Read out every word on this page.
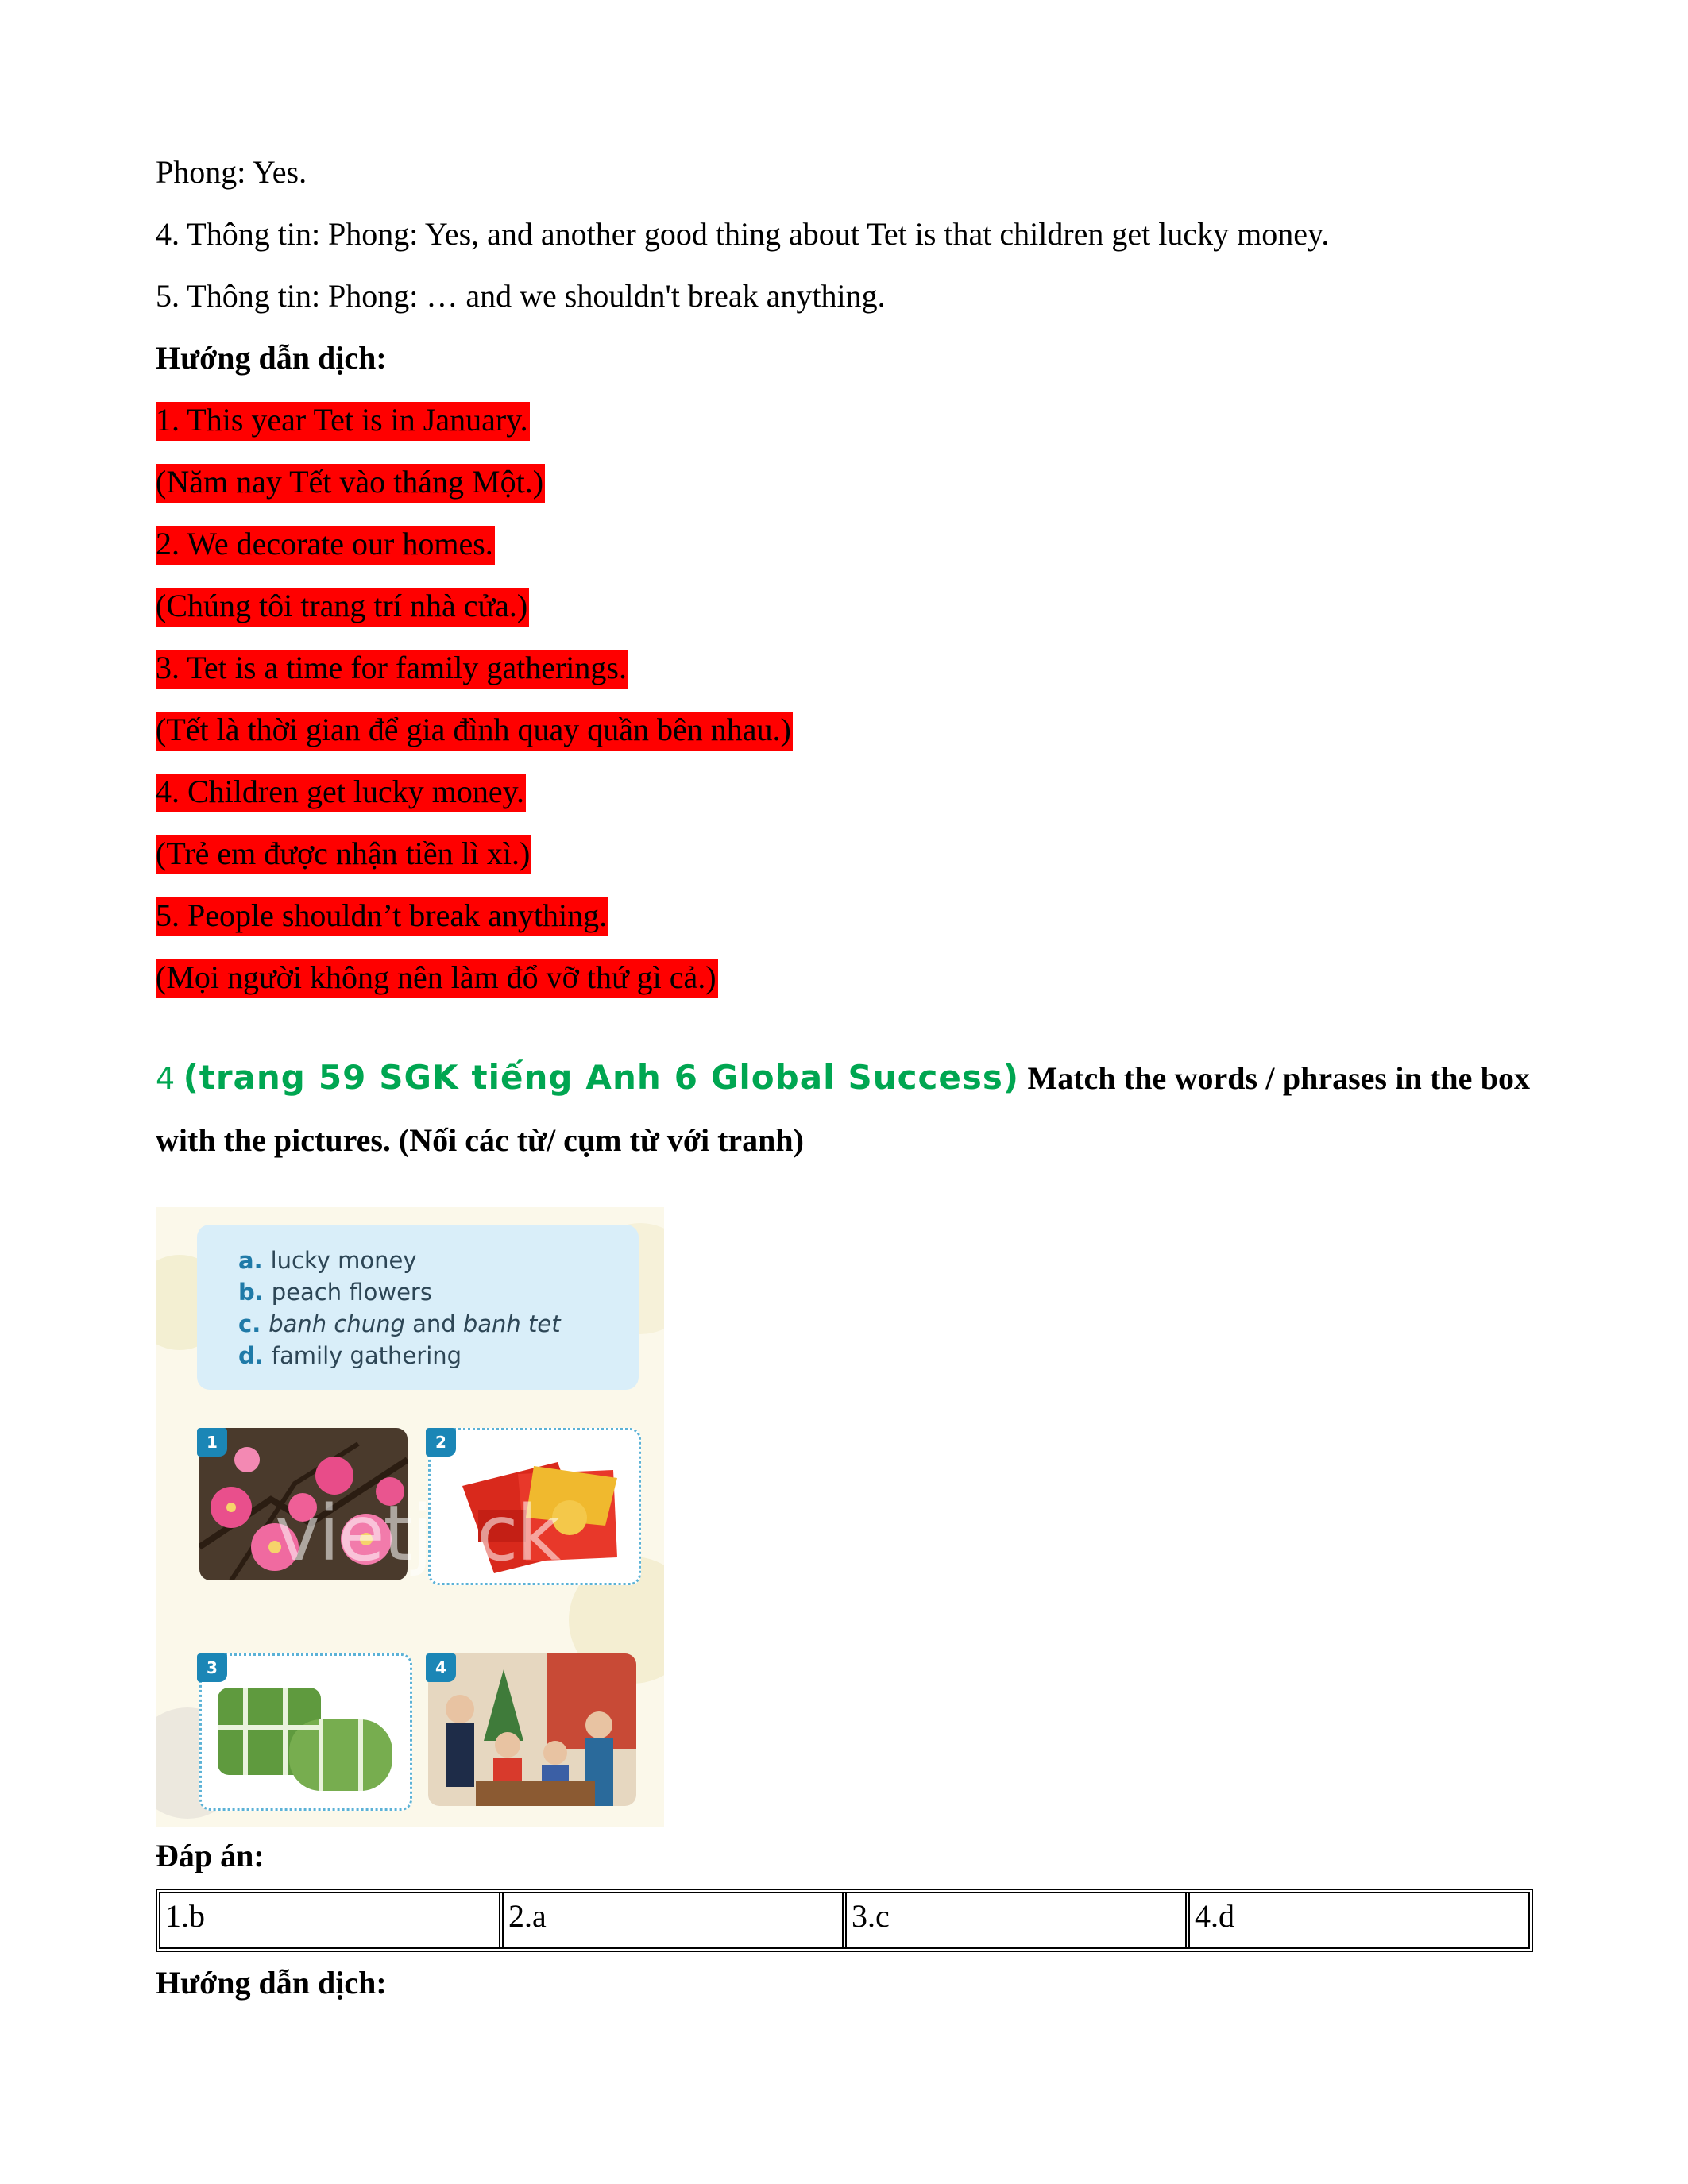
Phong: Yes.
4. Thông tin: Phong: Yes, and another good thing about Tet is that children get lucky money.
5. Thông tin: Phong: … and we shouldn't break anything.
Hướng dẫn dịch:
1. This year Tet is in January.
(Năm nay Tết vào tháng Một.)
2. We decorate our homes.
(Chúng tôi trang trí nhà cửa.)
3. Tet is a time for family gatherings.
(Tết là thời gian để gia đình quay quần bên nhau.)
4. Children get lucky money.
(Trẻ em được nhận tiền lì xì.)
5. People shouldn’t break anything.
(Mọi người không nên làm đổ vỡ thứ gì cả.)
4 (trang 59 SGK tiếng Anh 6 Global Success) Match the words / phrases in the box with the pictures. (Nối các từ/ cụm từ với tranh)
a. lucky money
b. peach flowers
c. banh chung and banh tet
d. family gathering
1	2
vietjack
3	4
Đáp án:
1.b	2.a	3.c	4.d
Hướng dẫn dịch:
